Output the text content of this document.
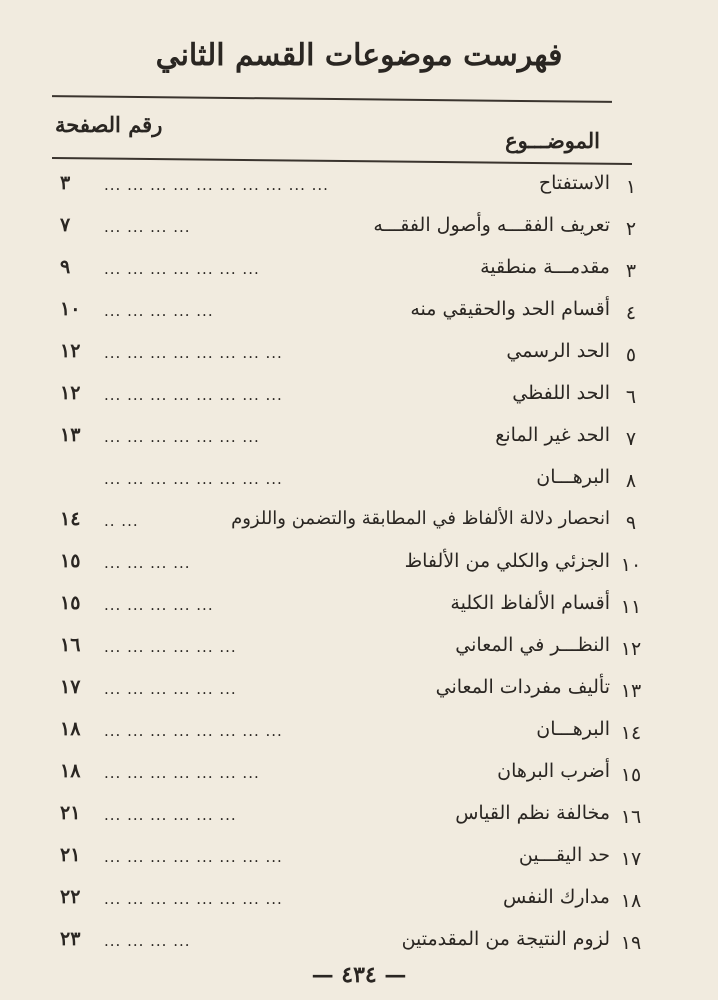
فهرست موضوعات القسم الثاني
رقم الصفحة
الموضـــوع
١
الاستفتاح
... ... ... ... ... ... ... ... ... ...
٣
٢
تعريف الفقـــه وأصول الفقـــه
... ... ... ...
٧
٣
مقدمـــة منطقية
... ... ... ... ... ... ...
٩
٤
أقسام الحد والحقيقي منه
... ... ... ... ...
١٠
٥
الحد الرسمي
... ... ... ... ... ... ... ...
١٢
٦
الحد اللفظي
... ... ... ... ... ... ... ...
١٢
٧
الحد غير المانع
... ... ... ... ... ... ...
١٣
٨
البرهـــان
... ... ... ... ... ... ... ...
٩
انحصار دلالة الألفاظ في المطابقة والتضمن واللزوم
... ..
١٤
١٠
الجزئي والكلي من الألفاظ
... ... ... ...
١٥
١١
أقسام الألفاظ الكلية
... ... ... ... ...
١٥
١٢
النظـــر في المعاني
... ... ... ... ... ...
١٦
١٣
تأليف مفردات المعاني
... ... ... ... ... ...
١٧
١٤
البرهـــان
... ... ... ... ... ... ... ...
١٨
١٥
أضرب البرهان
... ... ... ... ... ... ...
١٨
١٦
مخالفة نظم القياس
... ... ... ... ... ...
٢١
١٧
حد اليقـــين
... ... ... ... ... ... ... ...
٢١
١٨
مدارك النفس
... ... ... ... ... ... ... ...
٢٢
١٩
لزوم النتيجة من المقدمتين
... ... ... ...
٢٣
— ٤٣٤ —
